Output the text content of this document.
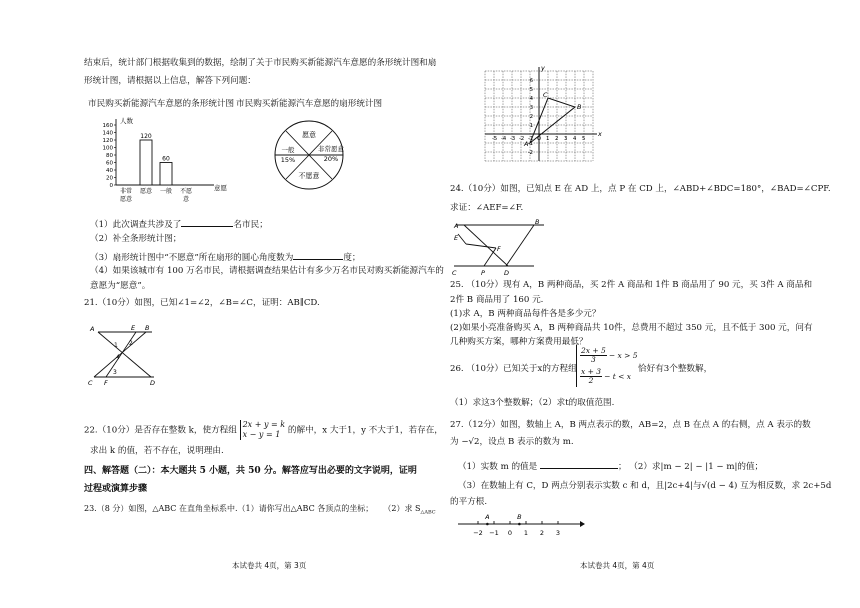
结束后，统计部门根据收集到的数据，绘制了关于市民购买新能源汽车意愿的条形统计图和扇
形统计图，请根据以上信息，解答下列问题：
市民购买新能源汽车意愿的条形统计图 市民购买新能源汽车意愿的扇形统计图
人数
意愿
0
20
40
60
80
100
120
140
160
非常
愿意
120
愿意
60
一般 不愿
意
愿意
非常愿意
一般
15%	20%
不愿意
（1）此次调查共涉及了	名市民；
（2）补全条形统计图；
（3）扇形统计图中“不愿意”所在扇形的圆心角度数为	度；
（4）如果该城市有 100 万名市民，请根据调查结果估计有多少万名市民对购买新能源汽车的
意愿为“愿意”。
21.（10分）如图，已知∠1=∠2，∠B=∠C，证明：AB∥CD.
A	E B
1 2
4
3
C F	D
22.（10分）是否存在整数 k，使方程组 2x + y = k
x − y = 1 的解中，x 大于1，y 不大于1，若存在，
求出 k 的值，若不存在，说明理由.
四、解答题（二）：本大题共 5 小题，共 50 分。解答应写出必要的文字说明，证明
过程或演算步骤
23.（8 分）如图，△ABC 在直角坐标系中.（1）请你写出△ABC 各顶点的坐标； （2）求 $S_{\triangle ABC}$
本试卷共 4页，第 3页
y
x
-5 -4 -3 -2 -1 O 1 2 3 4 5
6
5
4
3
2
1
-1
-2
A
B
C
24.（10分）如图，已知点 E 在 AD 上，点 P 在 CD 上，∠ABD+∠BDC=180°，∠BAD=∠CPF.
求证：∠AEF=∠F.
A	B
E
F
C	P	D
25. （10分）现有 A，B 两种商品，买 2件 A 商品和 1件 B 商品用了 90 元，买 3件 A 商品和
2件 B 商品用了 160 元.
(1)求 A，B 两种商品每件各是多少元？
(2)如果小亮准备购买 A，B 两种商品共 10件，总费用不超过 350 元，且不低于 300 元，问有
几种购买方案，哪种方案费用最低？
26. （10分）已知关于x的方程组
$\frac{2x + 5}{3} - x > 5$
$\frac{x + 3}{2} - t < x$
恰好有3个整数解，
（1）求这3个整数解；（2）求t的取值范围.
27.（12分）如图，数轴上 A，B 两点表示的数，AB=2，点 B 在点 A 的右侧，点 A 表示的数
为 −√2，设点 B 表示的数为 m.
（1）实数 m 的值是	； （2）求|m − 2| − |1 − m|的值；
（3）在数轴上有 C，D 两点分别表示实数 c 和 d，且|2c+4|与√(d − 4) 互为相反数，求 2c+5d
的平方根.
−2 −1 0 1 2 3
A	B
本试卷共 4页，第 4页
